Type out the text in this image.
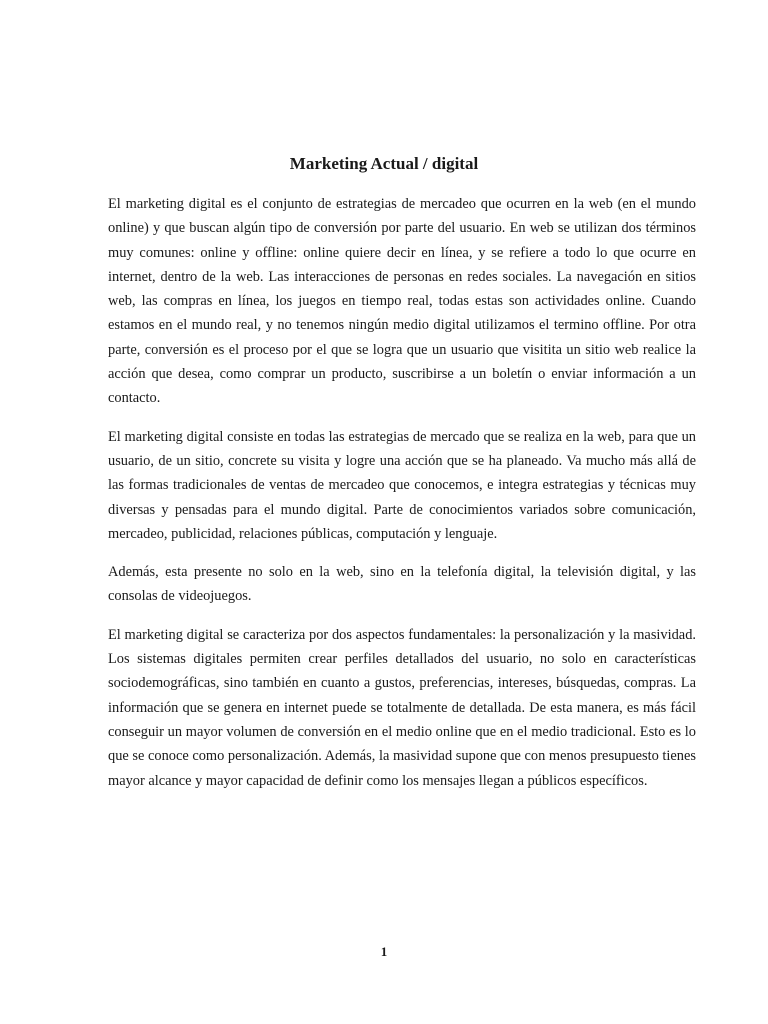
Marketing Actual / digital

El marketing digital es el conjunto de estrategias de mercadeo que ocurren en la web (en el mundo online) y que buscan algún tipo de conversión por parte del usuario. En web se utilizan dos términos muy comunes: online y offline: online quiere decir en línea, y se refiere a todo lo que ocurre en internet, dentro de la web. Las interacciones de personas en redes sociales. La navegación en sitios web, las compras en línea, los juegos en tiempo real, todas estas son actividades online. Cuando estamos en el mundo real, y no tenemos ningún medio digital utilizamos el termino offline. Por otra parte, conversión es el proceso por el que se logra que un usuario que visitita un sitio web realice la acción que desea, como comprar un producto, suscribirse a un boletín o enviar información a un contacto.

El marketing digital consiste en todas las estrategias de mercado que se realiza en la web, para que un usuario, de un sitio, concrete su visita y logre una acción que se ha planeado. Va mucho más allá de las formas tradicionales de ventas de mercadeo que conocemos, e integra estrategias y técnicas muy diversas y pensadas para el mundo digital. Parte de conocimientos variados sobre comunicación, mercadeo, publicidad, relaciones públicas, computación y lenguaje.

Además, esta presente no solo en la web, sino en la telefonía digital, la televisión digital, y las consolas de videojuegos.

El marketing digital se caracteriza por dos aspectos fundamentales: la personalización y la masividad. Los sistemas digitales permiten crear perfiles detallados del usuario, no solo en características sociodemográficas, sino también en cuanto a gustos, preferencias, intereses, búsquedas, compras. La información que se genera en internet puede se totalmente de detallada. De esta manera, es más fácil conseguir un mayor volumen de conversión en el medio online que en el medio tradicional. Esto es lo que se conoce como personalización. Además, la masividad supone que con menos presupuesto tienes mayor alcance y mayor capacidad de definir como los mensajes llegan a públicos específicos.

1
